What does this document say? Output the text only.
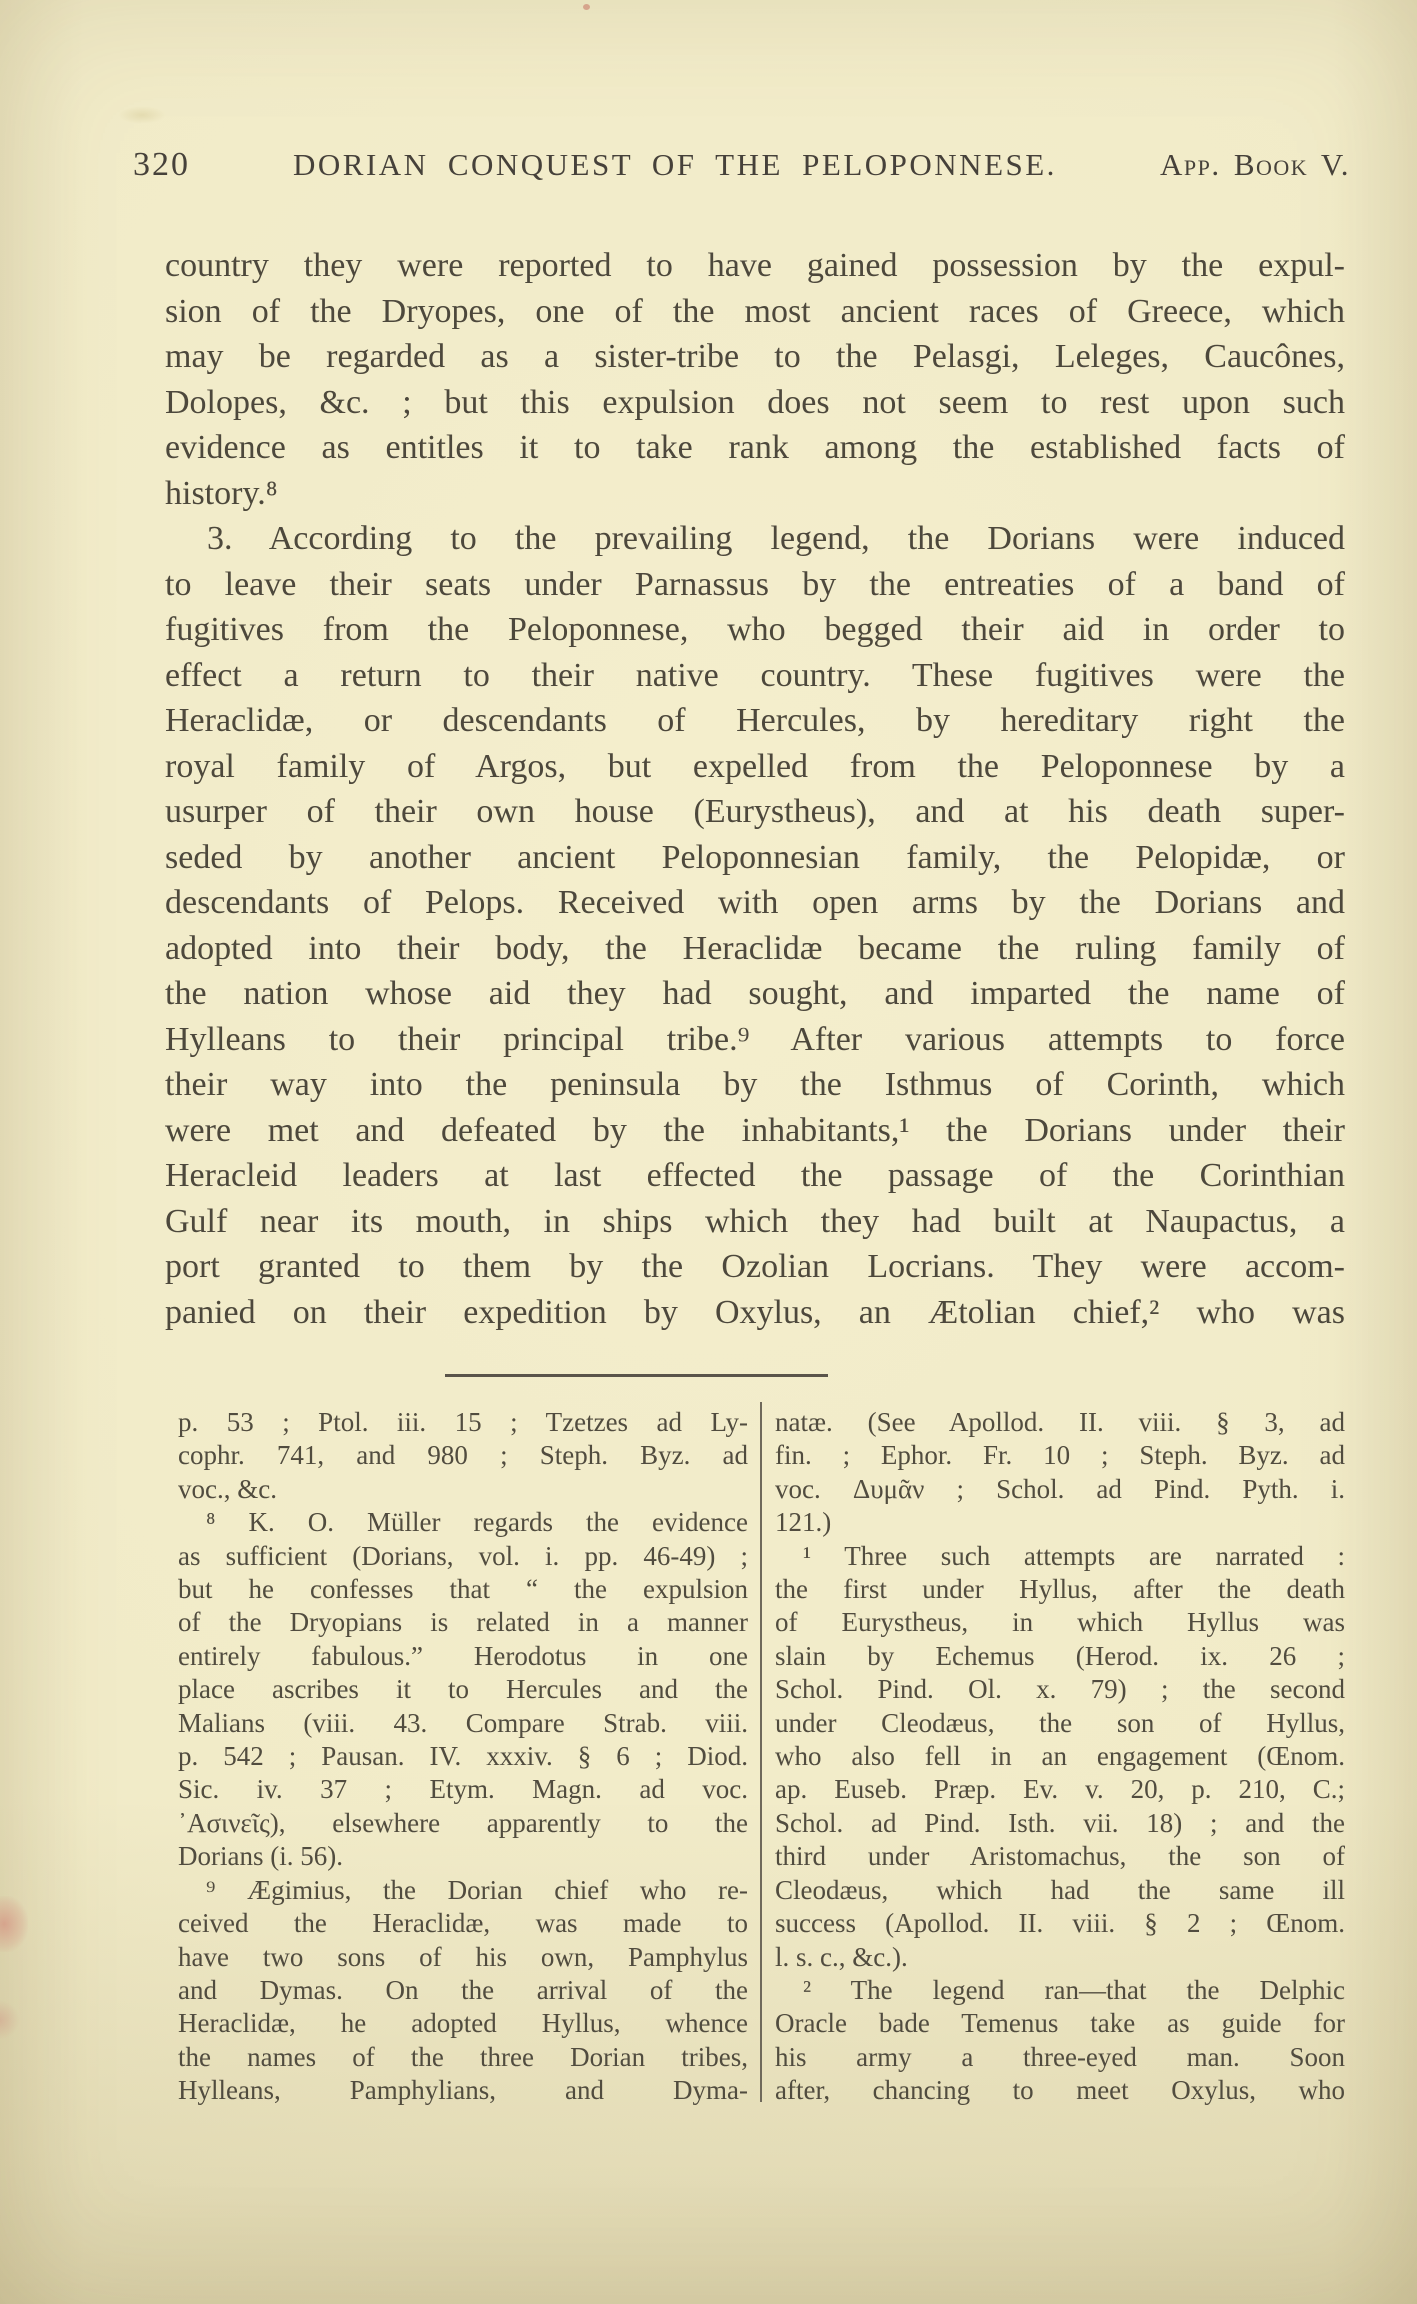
320	DORIAN CONQUEST OF THE PELOPONNESE.	App. Book V.
country they were reported to have gained possession by the expul-
sion of the Dryopes, one of the most ancient races of Greece, which
may be regarded as a sister-tribe to the Pelasgi, Leleges, Caucônes,
Dolopes, &c. ; but this expulsion does not seem to rest upon such
evidence as entitles it to take rank among the established facts of
history.⁸
3. According to the prevailing legend, the Dorians were induced
to leave their seats under Parnassus by the entreaties of a band of
fugitives from the Peloponnese, who begged their aid in order to
effect a return to their native country. These fugitives were the
Heraclidæ, or descendants of Hercules, by hereditary right the
royal family of Argos, but expelled from the Peloponnese by a
usurper of their own house (Eurystheus), and at his death super-
seded by another ancient Peloponnesian family, the Pelopidæ, or
descendants of Pelops. Received with open arms by the Dorians and
adopted into their body, the Heraclidæ became the ruling family of
the nation whose aid they had sought, and imparted the name of
Hylleans to their principal tribe.⁹ After various attempts to force
their way into the peninsula by the Isthmus of Corinth, which
were met and defeated by the inhabitants,¹ the Dorians under their
Heracleid leaders at last effected the passage of the Corinthian
Gulf near its mouth, in ships which they had built at Naupactus, a
port granted to them by the Ozolian Locrians. They were accom-
panied on their expedition by Oxylus, an Ætolian chief,² who was
p. 53 ; Ptol. iii. 15 ; Tzetzes ad Ly-
cophr. 741, and 980 ; Steph. Byz. ad
voc., &c.
⁸ K. O. Müller regards the evidence
as sufficient (Dorians, vol. i. pp. 46-49) ;
but he confesses that “ the expulsion
of the Dryopians is related in a manner
entirely fabulous.” Herodotus in one
place ascribes it to Hercules and the
Malians (viii. 43. Compare Strab. viii.
p. 542 ; Pausan. IV. xxxiv. § 6 ; Diod.
Sic. iv. 37 ; Etym. Magn. ad voc.
᾿Ασινεῖς), elsewhere apparently to the
Dorians (i. 56).
⁹ Ægimius, the Dorian chief who re-
ceived the Heraclidæ, was made to
have two sons of his own, Pamphylus
and Dymas. On the arrival of the
Heraclidæ, he adopted Hyllus, whence
the names of the three Dorian tribes,
Hylleans, Pamphylians, and Dyma-
natæ. (See Apollod. II. viii. § 3, ad
fin. ; Ephor. Fr. 10 ; Steph. Byz. ad
voc. Δυμᾶν ; Schol. ad Pind. Pyth. i.
121.)
¹ Three such attempts are narrated :
the first under Hyllus, after the death
of Eurystheus, in which Hyllus was
slain by Echemus (Herod. ix. 26 ;
Schol. Pind. Ol. x. 79) ; the second
under Cleodæus, the son of Hyllus,
who also fell in an engagement (Œnom.
ap. Euseb. Præp. Ev. v. 20, p. 210, C.;
Schol. ad Pind. Isth. vii. 18) ; and the
third under Aristomachus, the son of
Cleodæus, which had the same ill
success (Apollod. II. viii. § 2 ; Œnom.
l. s. c., &c.).
² The legend ran—that the Delphic
Oracle bade Temenus take as guide for
his army a three-eyed man. Soon
after, chancing to meet Oxylus, who
